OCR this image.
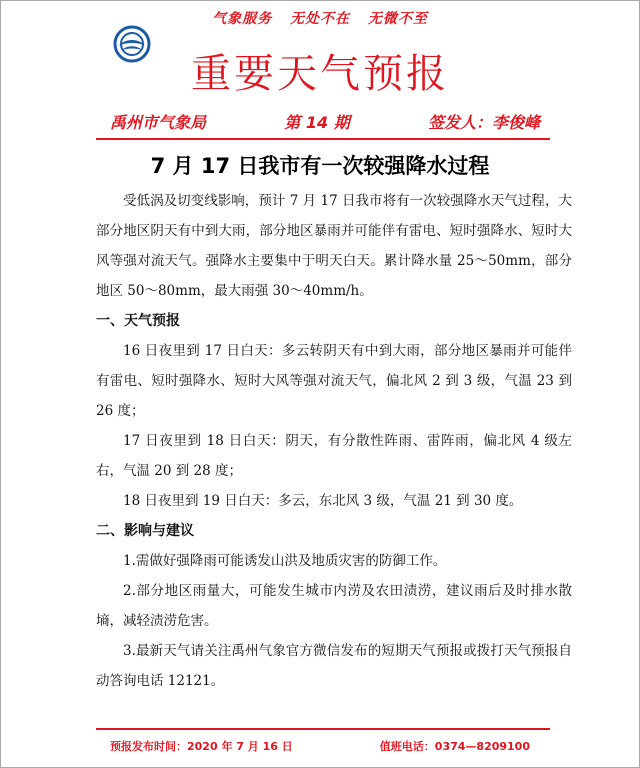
气象服务 无处不在 无微不至
重要天气预报
禹州市气象局	第 14 期	签发人：李俊峰
7 月 17 日我市有一次较强降水过程

受低涡及切变线影响，预计 7 月 17 日我市将有一次较强降水天气过程，大部分地区阴天有中到大雨，部分地区暴雨并可能伴有雷电、短时强降水、短时大风等强对流天气。强降水主要集中于明天白天。累计降水量 25～50mm，部分地区 50～80mm，最大雨强 30～40mm/h。

一、天气预报

16 日夜里到 17 日白天：多云转阴天有中到大雨，部分地区暴雨并可能伴有雷电、短时强降水、短时大风等强对流天气，偏北风 2 到 3 级，气温 23 到 26 度；

17 日夜里到 18 日白天：阴天，有分散性阵雨、雷阵雨，偏北风 4 级左右，气温 20 到 28 度；

18 日夜里到 19 日白天：多云，东北风 3 级，气温 21 到 30 度。

二、影响与建议

1.需做好强降雨可能诱发山洪及地质灾害的防御工作。

2.部分地区雨量大，可能发生城市内涝及农田渍涝，建议雨后及时排水散墒，减轻渍涝危害。

3.最新天气请关注禹州气象官方微信发布的短期天气预报或拨打天气预报自动答询电话 12121。

预报发布时间：2020 年 7 月 16 日	值班电话：0374—8209100
